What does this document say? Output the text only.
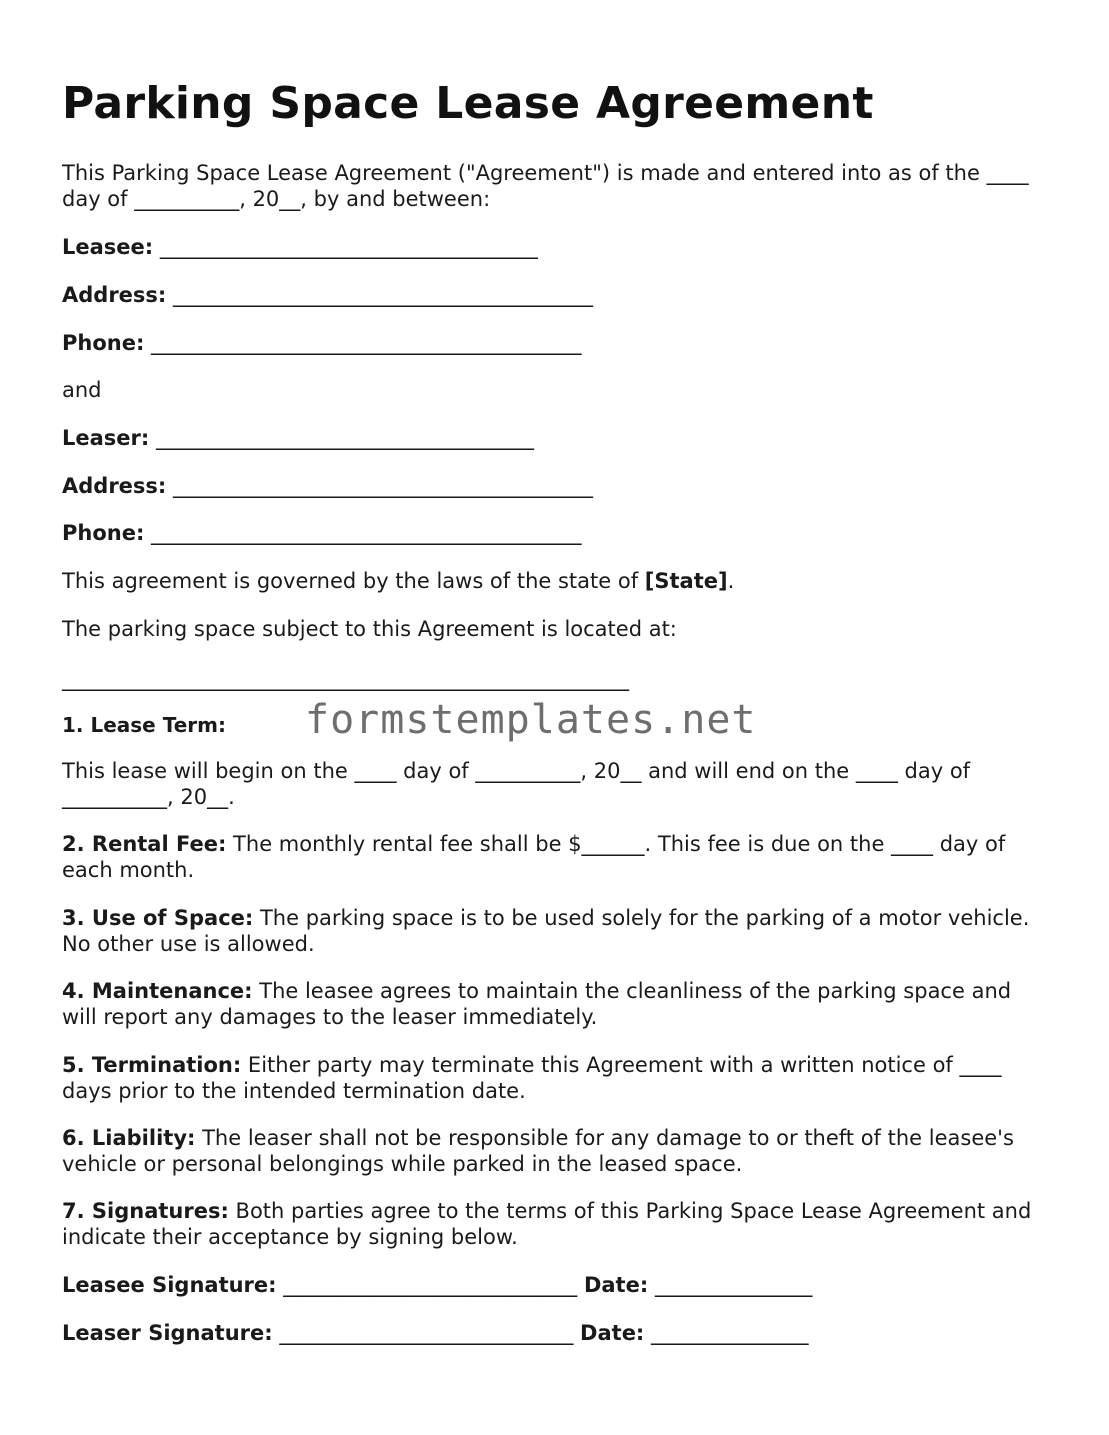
Parking Space Lease Agreement
This Parking Space Lease Agreement ("Agreement") is made and entered into as of the ____ day of __________, 20__, by and between:
Leasee: ____________________________________
Address: ________________________________________
Phone: _________________________________________
and
Leaser: ____________________________________
Address: ________________________________________
Phone: _________________________________________
This agreement is governed by the laws of the state of [State].
The parking space subject to this Agreement is located at:
______________________________________________________
1. Lease Term:	formstemplates.net
This lease will begin on the ____ day of __________, 20__ and will end on the ____ day of __________, 20__.
2. Rental Fee: The monthly rental fee shall be $______. This fee is due on the ____ day of each month.
3. Use of Space: The parking space is to be used solely for the parking of a motor vehicle. No other use is allowed.
4. Maintenance: The leasee agrees to maintain the cleanliness of the parking space and will report any damages to the leaser immediately.
5. Termination: Either party may terminate this Agreement with a written notice of ____ days prior to the intended termination date.
6. Liability: The leaser shall not be responsible for any damage to or theft of the leasee's vehicle or personal belongings while parked in the leased space.
7. Signatures: Both parties agree to the terms of this Parking Space Lease Agreement and indicate their acceptance by signing below.
Leasee Signature: ____________________________ Date: _______________
Leaser Signature: ____________________________ Date: _______________
